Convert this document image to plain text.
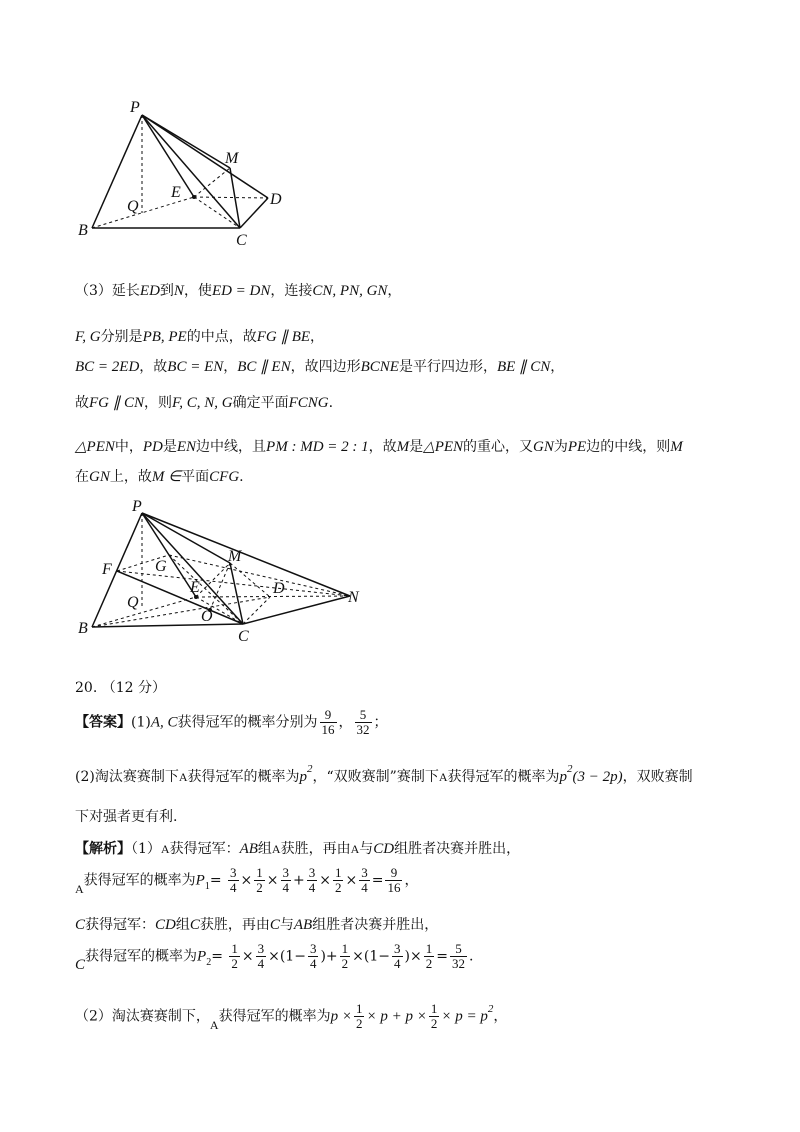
P
M
E	D
Q
B
C
（3）延长ED到N，使ED = DN，连接CN, PN, GN，
F, G分别是PB, PE的中点，故FG ∥ BE，
BC = 2ED，故BC = EN，BC ∥ EN，故四边形BCNE是平行四边形，BE ∥ CN，
故FG ∥ CN，则F, C, N, G确定平面FCNG.
△PEN中，PD是EN边中线，且PM : MD = 2 : 1，故M是△PEN的重心，又GN为PE边的中线，则M
在GN上，故M ∈平面CFG.
P
M
G
F
E	D
N
Q
O
B	C
20. （12 分）
【答案】(1)A, C获得冠军的概率分别为 $\frac{9}{16}$ ， $\frac{5}{32}$ ；
(2)淘汰赛赛制下A获得冠军的概率为$p^2$，“双败赛制”赛制下A获得冠军的概率为$p^2(3 - 2p)$，双败赛制
下对强者更有利.
【解析】（1）A获得冠军：AB组A获胜，再由A与CD组胜者决赛并胜出，
A获得冠军的概率为$P_1= \frac{3}{4} \times \frac{1}{2} \times \frac{3}{4} + \frac{3}{4} \times \frac{1}{2} \times \frac{3}{4} = \frac{9}{16}$ ，
C获得冠军：CD组C获胜，再由C与AB组胜者决赛并胜出，
C获得冠军的概率为$P_2= \frac{1}{2} \times \frac{3}{4} \times(1- \frac{3}{4}$ )+ $\frac{1}{2} \times(1- \frac{3}{4}$ )× $\frac{1}{2} = \frac{5}{32}$ .
（2）淘汰赛赛制下，A获得冠军的概率为$p \times \frac{1}{2} \times p + p \times \frac{1}{2} \times p = p^2$，
